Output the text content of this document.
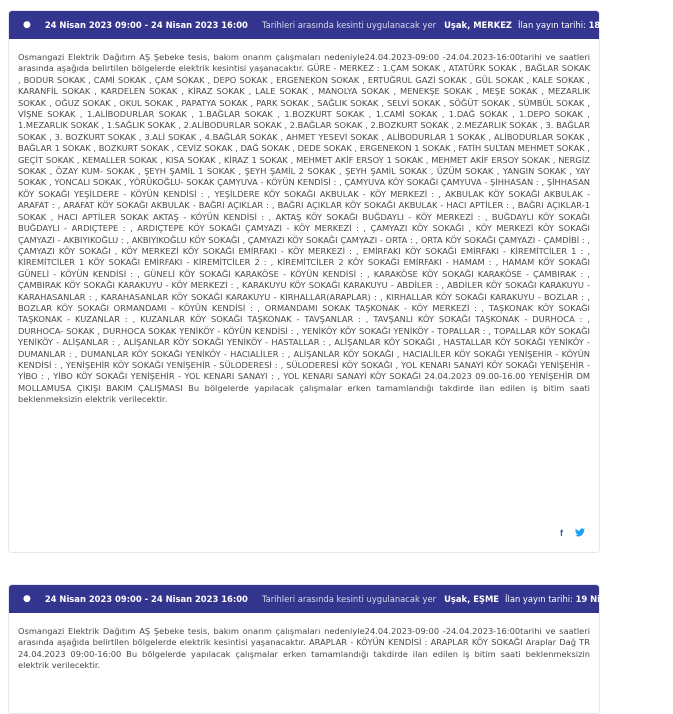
● 24 Nisan 2023 09:00 - 24 Nisan 2023 16:00 Tarihleri arasında kesinti uygulanacak yer Uşak, MERKEZ İlan yayın tarihi: 18 Nisan 2023 ❯
Osmangazi Elektrik Dağıtım AŞ Şebeke tesis, bakım onarım çalışmaları nedeniyle24.04.2023-09:00 -24.04.2023-16:00tarihi ve saatleri arasında aşağıda belirtilen bölgelerde elektrik kesintisi yaşanacaktır. GÜRE - MERKEZ : 1.ÇAM SOKAK , ATATÜRK SOKAK , BAĞLAR SOKAK , BODUR SOKAK , CAMİ SOKAK , ÇAM SOKAK , DEPO SOKAK , ERGENEKON SOKAK , ERTUĞRUL GAZİ SOKAK , GÜL SOKAK , KALE SOKAK , KARANFİL SOKAK , KARDELEN SOKAK , KİRAZ SOKAK , LALE SOKAK , MANOLYA SOKAK , MENEKŞE SOKAK , MEŞE SOKAK , MEZARLIK SOKAK , OĞUZ SOKAK , OKUL SOKAK , PAPATYA SOKAK , PARK SOKAK , SAĞLIK SOKAK , SELVİ SOKAK , SÖĞÜT SOKAK , SÜMBÜL SOKAK , VİŞNE SOKAK , 1.ALİBODURLAR SOKAK , 1.BAĞLAR SOKAK , 1.BOZKURT SOKAK , 1.CAMİ SOKAK , 1.DAĞ SOKAK , 1.DEPO SOKAK , 1.MEZARLIK SOKAK , 1.SAĞLIK SOKAK , 2.ALİBODURLAR SOKAK , 2.BAĞLAR SOKAK , 2.BOZKURT SOKAK , 2.MEZARLIK SOKAK , 3. BAĞLAR SOKAK , 3. BOZKURT SOKAK , 3.ALİ SOKAK , 4.BAĞLAR SOKAK , AHMET YESEVİ SOKAK , ALİBODURLAR 1 SOKAK , ALİBODURLAR SOKAK , BAĞLAR 1 SOKAK , BOZKURT SOKAK , CEVİZ SOKAK , DAĞ SOKAK , DEDE SOKAK , ERGENEKON 1 SOKAK , FATİH SULTAN MEHMET SOKAK , GEÇİT SOKAK , KEMALLER SOKAK , KISA SOKAK , KİRAZ 1 SOKAK , MEHMET AKİF ERSOY 1 SOKAK , MEHMET AKİF ERSOY SOKAK , NERGİZ SOKAK , ÖZAY KUM- SOKAK , ŞEYH ŞAMİL 1 SOKAK , ŞEYH ŞAMİL 2 SOKAK , ŞEYH ŞAMİL SOKAK , ÜZÜM SOKAK , YANGIN SOKAK , YAY SOKAK , YONCALI SOKAK , YÖRÜKOĞLU- SOKAK ÇAMYUVA - KÖYÜN KENDİSİ : , ÇAMYUVA KÖY SOKAĞI ÇAMYUVA - ŞİHHASAN : , ŞİHHASAN KÖY SOKAĞI YEŞİLDERE - KÖYÜN KENDİSİ : , YEŞİLDERE KÖY SOKAĞI AKBULAK - KÖY MERKEZİ : , AKBULAK KÖY SOKAĞI AKBULAK - ARAFAT : , ARAFAT KÖY SOKAĞI AKBULAK - BAĞRI AÇIKLAR : , BAĞRI AÇIKLAR KÖY SOKAĞI AKBULAK - HACI APTİLER : , BAĞRI AÇIKLAR-1 SOKAK , HACI APTİLER SOKAK AKTAŞ - KÖYÜN KENDİSİ : , AKTAŞ KÖY SOKAĞI BUĞDAYLI - KÖY MERKEZİ : , BUĞDAYLI KÖY SOKAĞI BUĞDAYLI - ARDIÇTEPE : , ARDIÇTEPE KÖY SOKAĞI ÇAMYAZI - KÖY MERKEZİ : , ÇAMYAZI KÖY SOKAĞI , KÖY MERKEZİ KÖY SOKAĞI ÇAMYAZI - AKBIYIKOĞLU : , AKBIYIKOĞLU KÖY SOKAĞI , ÇAMYAZI KÖY SOKAĞI ÇAMYAZI - ORTA : , ORTA KÖY SOKAĞI ÇAMYAZI - ÇAMDİBİ : , ÇAMYAZI KÖY SOKAĞI , KÖY MERKEZİ KÖY SOKAĞI EMİRFAKI - KÖY MERKEZİ : , EMİRFAKI KÖY SOKAĞI EMİRFAKI - KİREMİTCİLER 1 : , KİREMİTCİLER 1 KÖY SOKAĞI EMİRFAKI - KİREMİTCİLER 2 : , KİREMİTCİLER 2 KÖY SOKAĞI EMİRFAKI - HAMAM : , HAMAM KÖY SOKAĞI GÜNELİ - KÖYÜN KENDİSİ : , GÜNELİ KÖY SOKAĞI KARAKÖSE - KÖYÜN KENDİSİ : , KARAKÖSE KÖY SOKAĞI KARAKÖSE - ÇAMBIRAK : , ÇAMBIRAK KÖY SOKAĞI KARAKUYU - KÖY MERKEZİ : , KARAKUYU KÖY SOKAĞI KARAKUYU - ABDİLER : , ABDİLER KÖY SOKAĞI KARAKUYU - KARAHASANLAR : , KARAHASANLAR KÖY SOKAĞI KARAKUYU - KIRHALLAR(ARAPLAR) : , KIRHALLAR KÖY SOKAĞI KARAKUYU - BOZLAR : , BOZLAR KÖY SOKAĞI ORMANDAMI - KÖYÜN KENDİSİ : , ORMANDAMI SOKAK TAŞKONAK - KÖY MERKEZİ : , TAŞKONAK KÖY SOKAĞI TAŞKONAK - KUZANLAR : , KUZANLAR KÖY SOKAĞI TAŞKONAK - TAVŞANLAR : , TAVŞANLI KÖY SOKAĞI TAŞKONAK - DURHOCA : , DURHOCA- SOKAK , DURHOCA SOKAK YENİKÖY - KÖYÜN KENDİSİ : , YENİKÖY KÖY SOKAĞI YENİKÖY - TOPALLAR : , TOPALLAR KÖY SOKAĞI YENİKÖY - ALİŞANLAR : , ALİŞANLAR KÖY SOKAĞI YENİKÖY - HASTALLAR : , ALİŞANLAR KÖY SOKAĞI , HASTALLAR KÖY SOKAĞI YENİKÖY - DUMANLAR : , DUMANLAR KÖY SOKAĞI YENİKÖY - HACIALİLER : , ALİŞANLAR KÖY SOKAĞI , HACIALİLER KÖY SOKAĞI YENİŞEHİR - KÖYÜN KENDİSİ : , YENİŞEHİR KÖY SOKAĞI YENİŞEHİR - SÜLODERESİ : , SÜLODERESİ KÖY SOKAĞI , YOL KENARI SANAYİ KÖY SOKAĞI YENİŞEHİR - YİBO : , YİBO KÖY SOKAĞI YENİŞEHİR - YOL KENARI SANAYI : , YOL KENARI SANAYİ KÖY SOKAĞI 24.04.2023 09.00-16.00 YENİŞEHİR DM MOLLAMUSA ÇIKIŞI BAKIM ÇALIŞMASI Bu bölgelerde yapılacak çalışmalar erken tamamlandığı takdirde ilan edilen iş bitim saati beklenmeksizin elektrik verilecektir.
f
● 24 Nisan 2023 09:00 - 24 Nisan 2023 16:00 Tarihleri arasında kesinti uygulanacak yer Uşak, EŞME İlan yayın tarihi: 19 Nisan 2023 ❯
Osmangazi Elektrik Dağıtım AŞ Şebeke tesis, bakım onarım çalışmaları nedeniyle24.04.2023-09:00 -24.04.2023-16:00tarihi ve saatleri arasında aşağıda belirtilen bölgelerde elektrik kesintisi yaşanacaktır. ARAPLAR - KÖYÜN KENDİSİ : ARAPLAR KÖY SOKAĞI Araplar Dağ TR 24.04.2023 09:00-16:00 Bu bölgelerde yapılacak çalışmalar erken tamamlandığı takdirde ilan edilen iş bitim saati beklenmeksizin elektrik verilecektir.
